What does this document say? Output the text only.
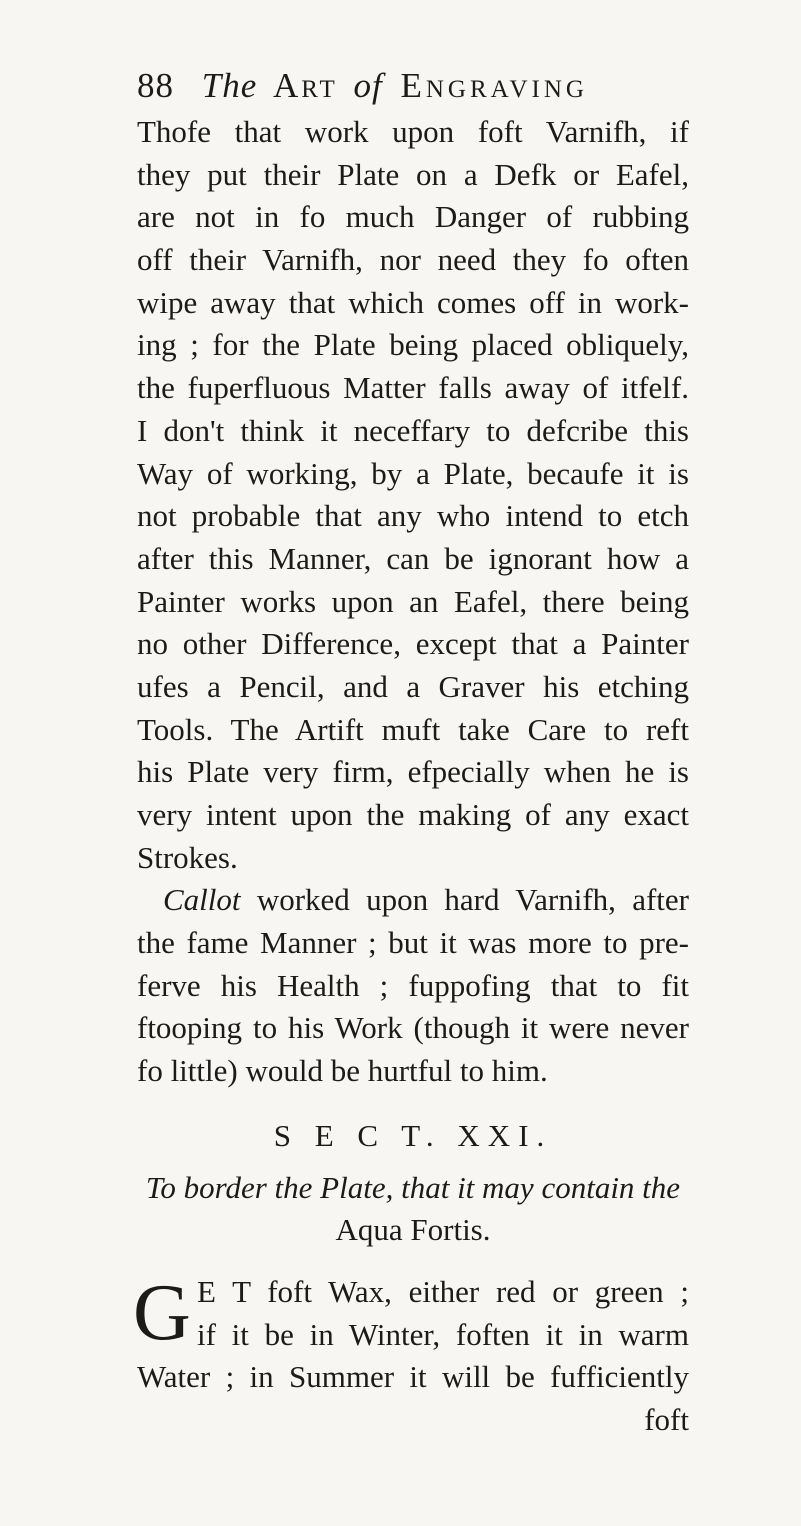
88 The Art of Engraving
Thofe that work upon foft Varnifh, if
they put their Plate on a Defk or Eafel,
are not in fo much Danger of rubbing
off their Varnifh, nor need they fo often
wipe away that which comes off in work-
ing ; for the Plate being placed obliquely,
the fuperfluous Matter falls away of itfelf.
I don't think it neceffary to defcribe this
Way of working, by a Plate, becaufe it is
not probable that any who intend to etch
after this Manner, can be ignorant how a
Painter works upon an Eafel, there being
no other Difference, except that a Painter
ufes a Pencil, and a Graver his etching
Tools. The Artift muft take Care to reft
his Plate very firm, efpecially when he is
very intent upon the making of any exact
Strokes.
Callot worked upon hard Varnifh, after
the fame Manner ; but it was more to pre-
ferve his Health ; fuppofing that to fit
ftooping to his Work (though it were never
fo little) would be hurtful to him.
S E C T. XXI.
To border the Plate, that it may contain the
Aqua Fortis.
G E T foft Wax, either red or green ;
if it be in Winter, foften it in warm
Water ; in Summer it will be fufficiently
foft
